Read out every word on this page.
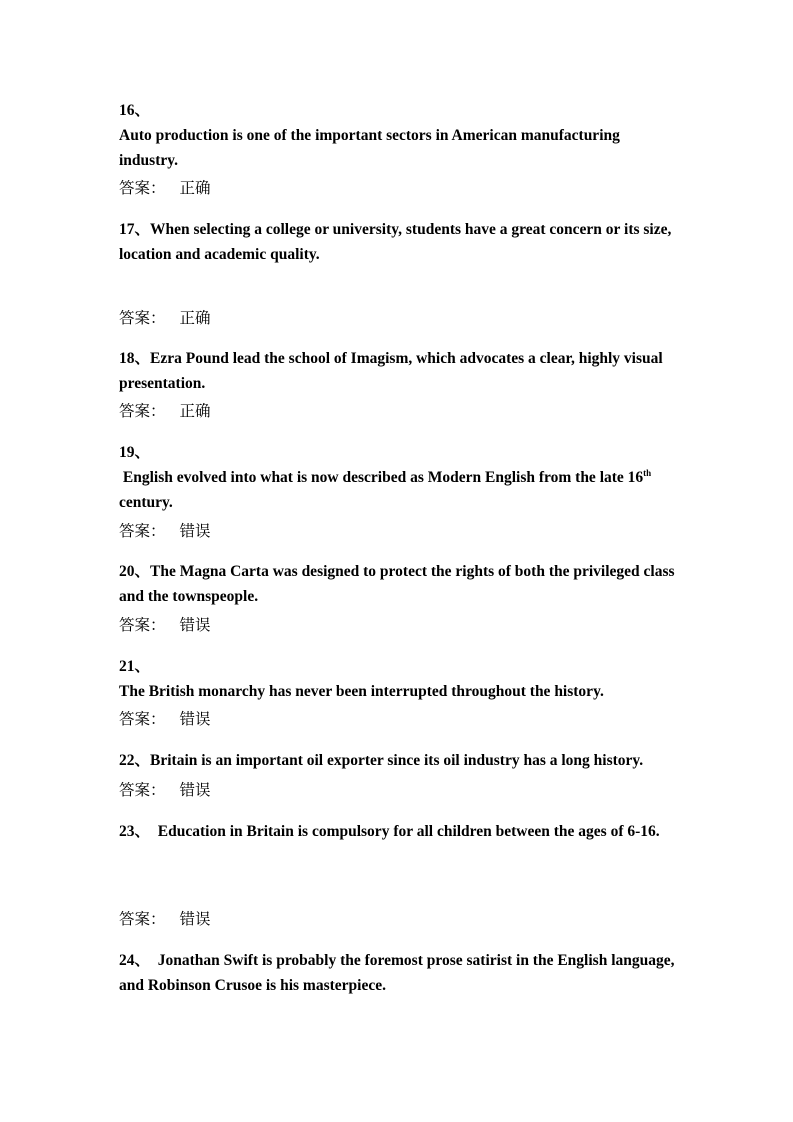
16、
Auto production is one of the important sectors in American manufacturing industry.

答案： 正确

17、When selecting a college or university, students have a great concern or its size, location and academic quality.

答案： 正确

18、Ezra Pound lead the school of Imagism, which advocates a clear, highly visual presentation.

答案： 正确

19、
English evolved into what is now described as Modern English from the late 16th
century.

答案： 错误

20、The Magna Carta was designed to protect the rights of both the privileged class and the townspeople.

答案： 错误

21、
The British monarchy has never been interrupted throughout the history.

答案： 错误

22、Britain is an important oil exporter since its oil industry has a long history.

答案： 错误

23、 Education in Britain is compulsory for all children between the ages of 6-16.

答案： 错误

24、 Jonathan Swift is probably the foremost prose satirist in the English language, and Robinson Crusoe is his masterpiece.
